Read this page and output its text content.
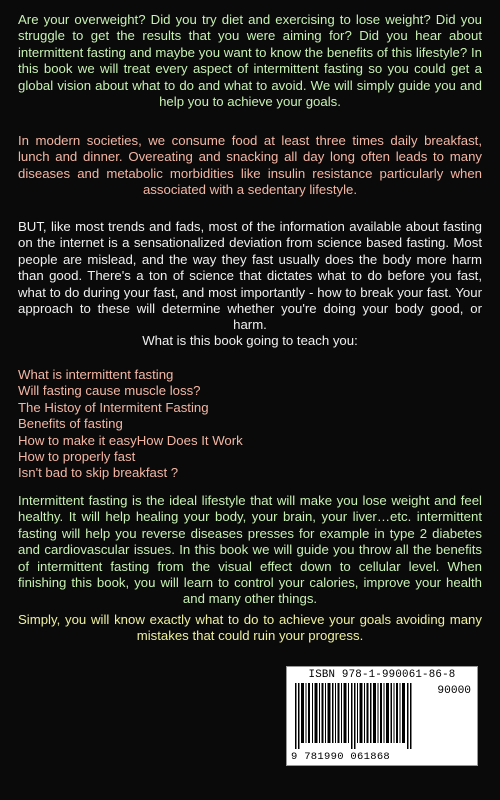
Are your overweight? Did you try diet and exercising to lose weight? Did you struggle to get the results that you were aiming for? Did you hear about intermittent fasting and maybe you want to know the benefits of this lifestyle? In this book we will treat every aspect of intermittent fasting so you could get a global vision about what to do and what to avoid. We will simply guide you and help you to achieve your goals.

In modern societies, we consume food at least three times daily breakfast, lunch and dinner. Overeating and snacking all day long often leads to many diseases and metabolic morbidities like insulin resistance particularly when associated with a sedentary lifestyle.

BUT, like most trends and fads, most of the information available about fasting on the internet is a sensationalized deviation from science based fasting. Most people are mislead, and the way they fast usually does the body more harm than good. There's a ton of science that dictates what to do before you fast, what to do during your fast, and most importantly - how to break your fast. Your approach to these will determine whether you're doing your body good, or harm.

What is this book going to teach you:

What is intermittent fasting
Will fasting cause muscle loss?
The Histoy of Intermitent Fasting
Benefits of fasting
How to make it easyHow Does It Work
How to properly fast
Isn't bad to skip breakfast ?

Intermittent fasting is the ideal lifestyle that will make you lose weight and feel healthy. It will help healing your body, your brain, your liver…etc. intermittent fasting will help you reverse diseases presses for example in type 2 diabetes and cardiovascular issues. In this book we will guide you throw all the benefits of intermittent fasting from the visual effect down to cellular level. When finishing this book, you will learn to control your calories, improve your health and many other things.

Simply, you will know exactly what to do to achieve your goals avoiding many mistakes that could ruin your progress.

ISBN 978-1-990061-86-8
90000
9 781990 061868
